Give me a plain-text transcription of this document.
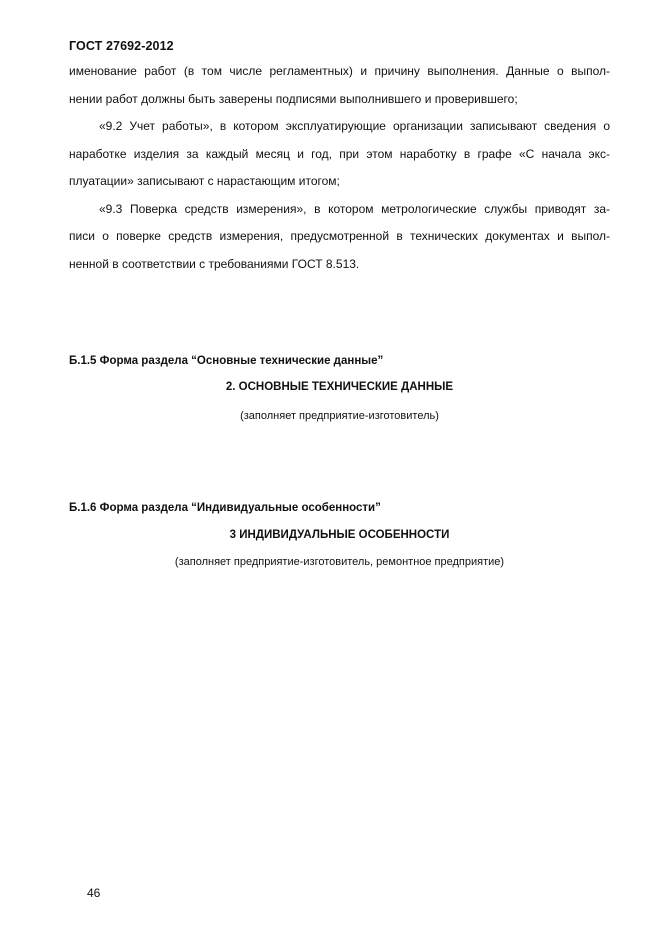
ГОСТ 27692-2012

именование работ (в том числе регламентных) и причину выполнения. Данные о выпол-
нении работ должны быть заверены подписями выполнившего и проверившего;

«9.2 Учет работы», в котором эксплуатирующие организации записывают сведения о
наработке изделия за каждый месяц и год, при этом наработку в графе «С начала экс-
плуатации» записывают с нарастающим итогом;

«9.3 Поверка средств измерения», в котором метрологические службы приводят за-
писи о поверке средств измерения, предусмотренной в технических документах и выпол-
ненной в соответствии с требованиями ГОСТ 8.513.

Б.1.5 Форма раздела “Основные технические данные”
2. ОСНОВНЫЕ ТЕХНИЧЕСКИЕ ДАННЫЕ
(заполняет предприятие-изготовитель)
Б.1.6 Форма раздела “Индивидуальные особенности”
3 ИНДИВИДУАЛЬНЫЕ ОСОБЕННОСТИ
(заполняет предприятие-изготовитель, ремонтное предприятие)
46
